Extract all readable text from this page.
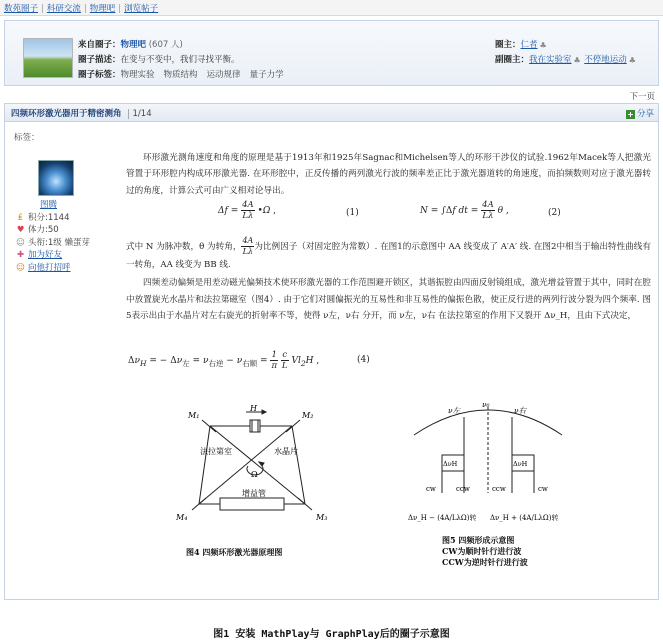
数苑圈子 | 科研交流 | 物理吧 | 浏览帖子
来自圈子：物理吧 (607 人)
圈子描述：在变与不变中，我们寻找平衡。
圈子标签：物理实验 物质结构 运动规律 量子力学
圈主：仁者 ♣
副圈主：我在实验室 ♣ 不停地运动 ♣
下一页
四频环形激光器用于精密测角 1/14	+ 分享
标签：
图腾
₤ 积分:1144
♥ 体力:50
☺ 头衔:1级 懒蛋芽
✚ 加为好友
☺ 向他打招呼

环形激光测角速度和角度的原理是基于1913年和1925年Sagnac和Michelsen等人的环形干涉仪的试验.1962年Macek等人把激光管置于环形腔内构成环形激光器. 在环形腔中，正反传播的两列激光行波的频率差正比于激光器道转的角速度，而拍频数则对应于激光器转过的角度，计算公式可由广义相对论导出。

$\Delta f = \frac{4A}{L\lambda}$ •Ω ,	(1)	N = ∫Δf dt = $\frac{4A}{L\lambda}$ θ ,	(2)

式中 N 为脉冲数，θ 为转角， $\frac{4A}{L\lambda}$ 为比例因子（对固定腔为常数）. 在图1的示意图中 AA 线变成了 A′A′ 线. 在图2中相当于输出特性曲线有一转角，AA 线变为 BB 线.

四频差动偏频是用差动磁光偏频技术使环形激光器的工作范围避开锁区，其谐振腔由四面反射镜组成，激光增益管置于其中，同时在腔中放置旋光水晶片和法拉第磁室（图4）. 由于它们对圆偏振光的互易性和非互易性的偏振色散，使正反行进的两列行波分裂为四个频率. 图5表示出由于水晶片对左右旋光的折射率不等，使得 ν左，ν右 分开，而 ν左，ν右 在法拉第室的作用下又裂开 Δν_H，且由下式决定，

$\Delta\nu_H$ = − $\Delta\nu_左 = \nu_{右逆} - \nu_{右顺} = \frac{1}{\pi}$
$\frac{c}{L} Vl_2H$ ,	(4)
H
M₁	M₂
M₄	M₃
法拉第室	水晶片
增益管
Ω
图4 四频环形激光器原理图
ν左
ν₀
ν右
ΔνH	ΔνH
cw	ccw	ccw	cw
Δν_H − (4A/LλΩ)转 Δν_H + (4A/LλΩ)转
图5 四频形成示意图
CW为顺时针行进行波
CCW为逆时针行进行波
图1 安装 MathPlay与 GraphPlay后的圈子示意图
